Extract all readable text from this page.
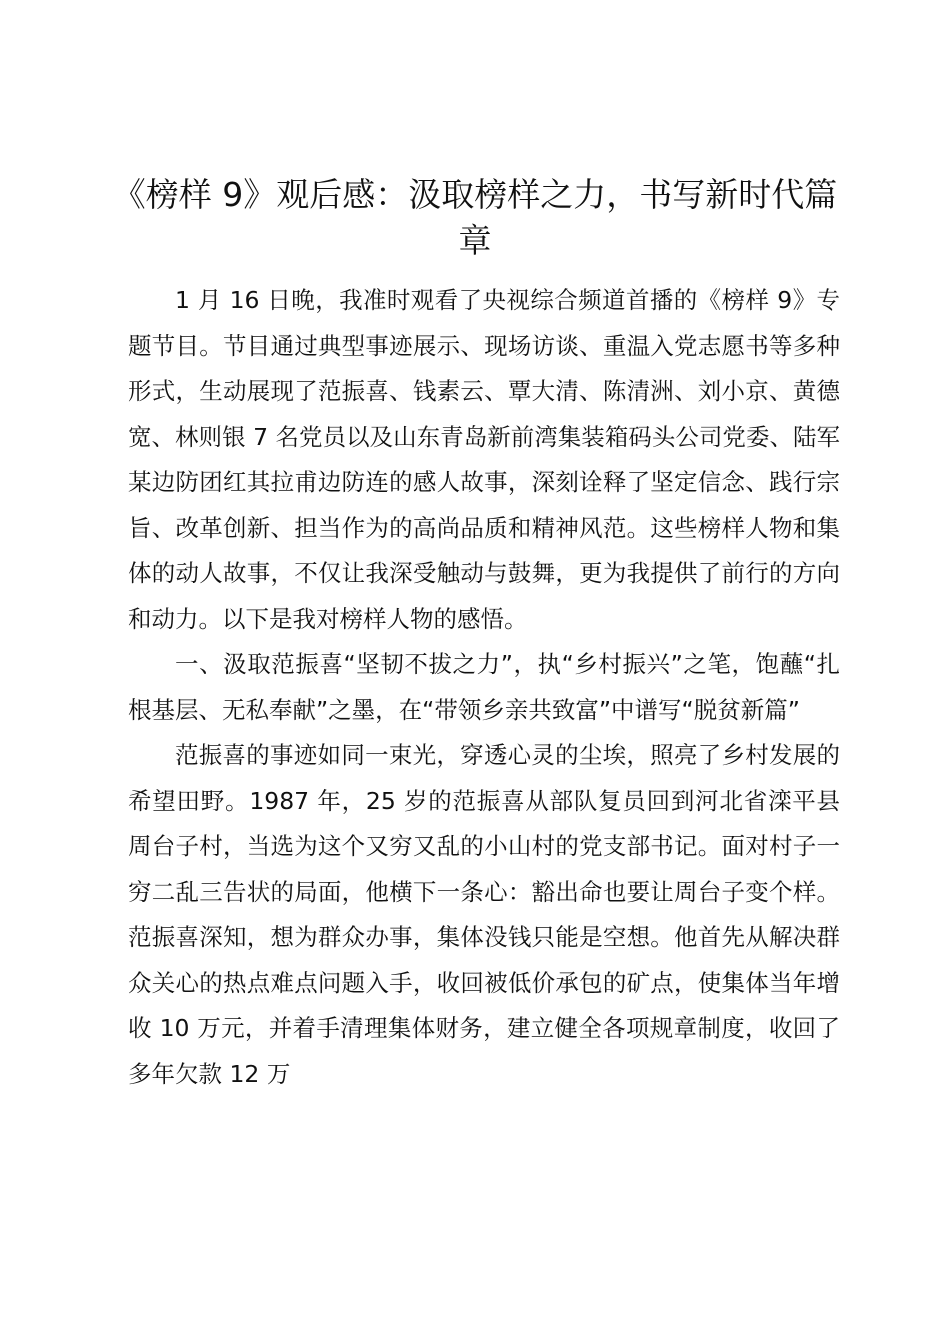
《榜样 9》观后感：汲取榜样之力，书写新时代篇章

1 月 16 日晚，我准时观看了央视综合频道首播的《榜样 9》专题节目。节目通过典型事迹展示、现场访谈、重温入党志愿书等多种形式，生动展现了范振喜、钱素云、覃大清、陈清洲、刘小京、黄德宽、林则银 7 名党员以及山东青岛新前湾集装箱码头公司党委、陆军某边防团红其拉甫边防连的感人故事，深刻诠释了坚定信念、践行宗旨、改革创新、担当作为的高尚品质和精神风范。这些榜样人物和集体的动人故事，不仅让我深受触动与鼓舞，更为我提供了前行的方向和动力。以下是我对榜样人物的感悟。

一、汲取范振喜“坚韧不拔之力”，执“乡村振兴”之笔，饱蘸“扎根基层、无私奉献”之墨，在“带领乡亲共致富”中谱写“脱贫新篇”

范振喜的事迹如同一束光，穿透心灵的尘埃，照亮了乡村发展的希望田野。1987 年，25 岁的范振喜从部队复员回到河北省滦平县周台子村，当选为这个又穷又乱的小山村的党支部书记。面对村子一穷二乱三告状的局面，他横下一条心：豁出命也要让周台子变个样。范振喜深知，想为群众办事，集体没钱只能是空想。他首先从解决群众关心的热点难点问题入手，收回被低价承包的矿点，使集体当年增收 10 万元，并着手清理集体财务，建立健全各项规章制度，收回了多年欠款 12 万
